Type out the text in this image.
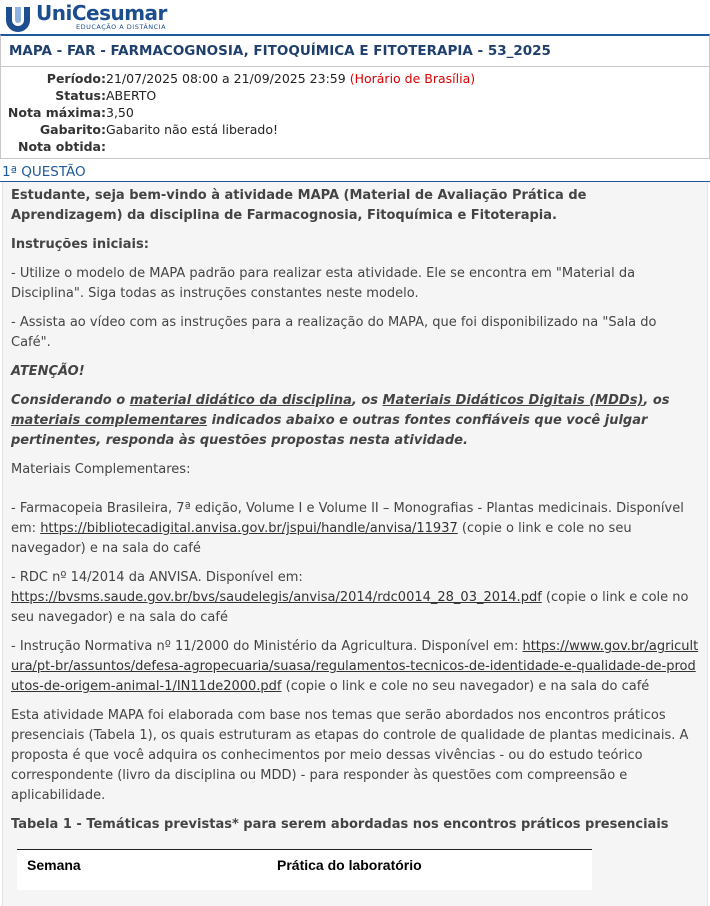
UniCesumar
EDUCAÇÃO A DISTÂNCIA
MAPA - FAR - FARMACOGNOSIA, FITOQUÍMICA E FITOTERAPIA - 53_2025
Período: 21/07/2025 08:00 a 21/09/2025 23:59 (Horário de Brasília)
Status: ABERTO
Nota máxima: 3,50
Gabarito: Gabarito não está liberado!
Nota obtida:
1ª QUESTÃO

Estudante, seja bem-vindo à atividade MAPA (Material de Avaliação Prática de Aprendizagem) da disciplina de Farmacognosia, Fitoquímica e Fitoterapia.

Instruções iniciais:

- Utilize o modelo de MAPA padrão para realizar esta atividade. Ele se encontra em "Material da Disciplina". Siga todas as instruções constantes neste modelo.

- Assista ao vídeo com as instruções para a realização do MAPA, que foi disponibilizado na "Sala do Café".

ATENÇÃO!

Considerando o material didático da disciplina, os Materiais Didáticos Digitais (MDDs), os materiais complementares indicados abaixo e outras fontes confiáveis que você julgar pertinentes, responda às questões propostas nesta atividade.

Materiais Complementares:

- Farmacopeia Brasileira, 7ª edição, Volume I e Volume II – Monografias - Plantas medicinais. Disponível em: https://bibliotecadigital.anvisa.gov.br/jspui/handle/anvisa/11937 (copie o link e cole no seu navegador) e na sala do café

- RDC nº 14/2014 da ANVISA. Disponível em: https://bvsms.saude.gov.br/bvs/saudelegis/anvisa/2014/rdc0014_28_03_2014.pdf (copie o link e cole no seu navegador) e na sala do café

- Instrução Normativa nº 11/2000 do Ministério da Agricultura. Disponível em: https://www.gov.br/agricultura/pt-br/assuntos/defesa-agropecuaria/suasa/regulamentos-tecnicos-de-identidade-e-qualidade-de-produtos-de-origem-animal-1/IN11de2000.pdf (copie o link e cole no seu navegador) e na sala do café

Esta atividade MAPA foi elaborada com base nos temas que serão abordados nos encontros práticos presenciais (Tabela 1), os quais estruturam as etapas do controle de qualidade de plantas medicinais. A proposta é que você adquira os conhecimentos por meio dessas vivências - ou do estudo teórico correspondente (livro da disciplina ou MDD) - para responder às questões com compreensão e aplicabilidade.

Tabela 1 - Temáticas previstas* para serem abordadas nos encontros práticos presenciais

Semana	Prática do laboratório
